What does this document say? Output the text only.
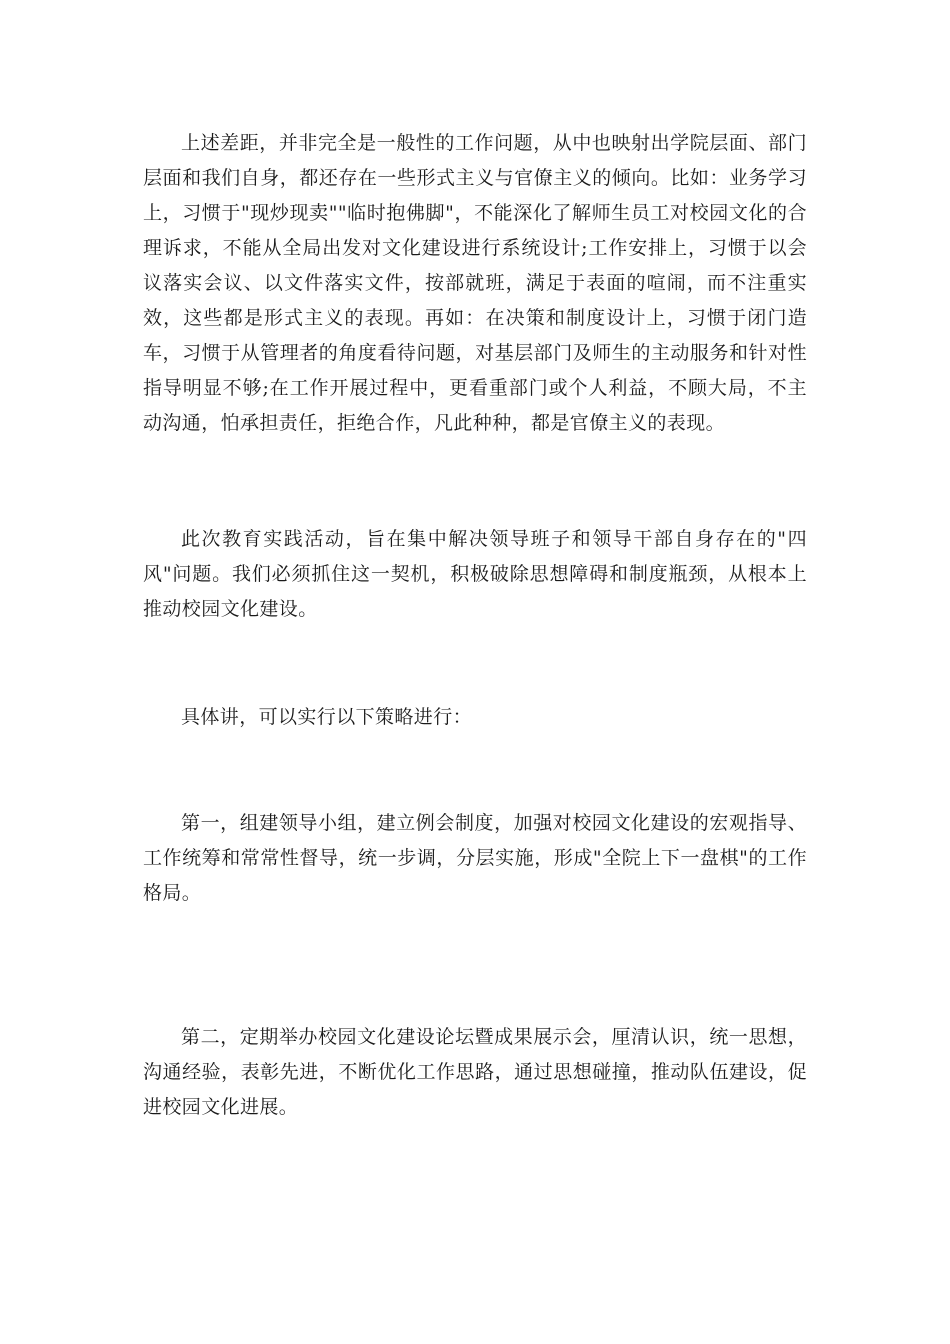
上述差距，并非完全是一般性的工作问题，从中也映射出学院层面、部门层面和我们自身，都还存在一些形式主义与官僚主义的倾向。比如：业务学习上，习惯于"现炒现卖""临时抱佛脚"，不能深化了解师生员工对校园文化的合理诉求，不能从全局出发对文化建设进行系统设计;工作安排上，习惯于以会议落实会议、以文件落实文件，按部就班，满足于表面的喧闹，而不注重实效，这些都是形式主义的表现。再如：在决策和制度设计上，习惯于闭门造车，习惯于从管理者的角度看待问题，对基层部门及师生的主动服务和针对性指导明显不够;在工作开展过程中，更看重部门或个人利益，不顾大局，不主动沟通，怕承担责任，拒绝合作，凡此种种，都是官僚主义的表现。

此次教育实践活动，旨在集中解决领导班子和领导干部自身存在的"四风"问题。我们必须抓住这一契机，积极破除思想障碍和制度瓶颈，从根本上推动校园文化建设。

具体讲，可以实行以下策略进行：

第一，组建领导小组，建立例会制度，加强对校园文化建设的宏观指导、工作统筹和常常性督导，统一步调，分层实施，形成"全院上下一盘棋"的工作格局。

第二，定期举办校园文化建设论坛暨成果展示会，厘清认识，统一思想，沟通经验，表彰先进，不断优化工作思路，通过思想碰撞，推动队伍建设，促进校园文化进展。
